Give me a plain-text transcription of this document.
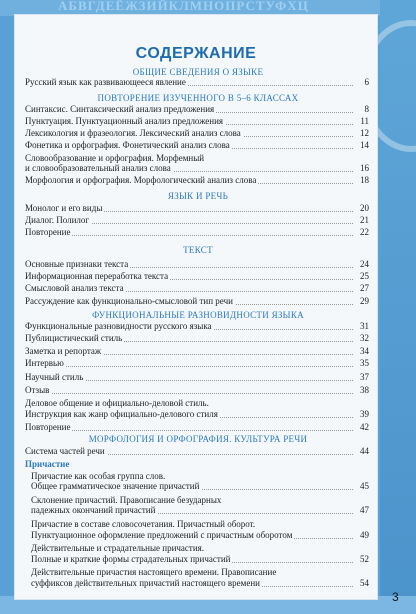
АБВГДЕЁЖЗИЙКЛМНОПРСТУФХЦ
СОДЕРЖАНИЕ
ОБЩИЕ СВЕДЕНИЯ О ЯЗЫКЕ
Русский язык как развивающееся явление	6
ПОВТОРЕНИЕ ИЗУЧЕННОГО В 5–6 КЛАССАХ
Синтаксис. Синтаксический анализ предложения	8
Пунктуация. Пунктуационный анализ предложения	11
Лексикология и фразеология. Лексический анализ слова	12
Фонетика и орфография. Фонетический анализ слова	14
Словообразование и орфография. Морфемный
и словообразовательный анализ слова	16
Морфология и орфография. Морфологический анализ слова	18
ЯЗЫК И РЕЧЬ
Монолог и его виды	20
Диалог. Полилог	21
Повторение	22
ТЕКСТ
Основные признаки текста	24
Информационная переработка текста	25
Смысловой анализ текста	27
Рассуждение как функционально-смысловой тип речи	29
ФУНКЦИОНАЛЬНЫЕ РАЗНОВИДНОСТИ ЯЗЫКА
Функциональные разновидности русского языка	31
Публицистический стиль	32
Заметка и репортаж	34
Интервью	35
Научный стиль	37
Отзыв	38
Деловое общение и официально-деловой стиль.
Инструкция как жанр официально-делового стиля	39
Повторение	42
МОРФОЛОГИЯ И ОРФОГРАФИЯ. КУЛЬТУРА РЕЧИ
Система частей речи	44
Причастие
Причастие как особая группа слов.
Общее грамматическое значение причастий	45
Склонение причастий. Правописание безударных
падежных окончаний причастий	47
Причастие в составе словосочетания. Причастный оборот.
Пунктуационное оформление предложений с причастным оборотом	49
Действительные и страдательные причастия.
Полные и краткие формы страдательных причастий	52
Действительные причастия настоящего времени. Правописание
суффиксов действительных причастий настоящего времени	54
3
